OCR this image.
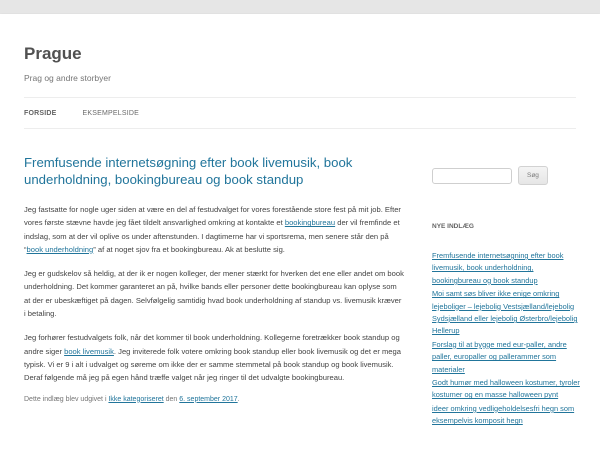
Prague
Prag og andre storbyer
FORSIDE	EKSEMPELSIDE
Fremfusende internetsøgning efter book livemusik, book underholdning, bookingbureau og book standup

Jeg fastsatte for nogle uger siden at være en del af festudvalget for vores forestående store fest på mit job. Efter vores første stævne havde jeg fået tildelt ansvarlighed omkring at kontakte et bookingbureau der vil fremfinde et indslag, som at der vil oplive os under aftenstunden. I dagtimerne har vi sportsrema, men senere står den på “book underholdning” af at noget sjov fra et bookingbureau. Ak at beslutte sig.

Jeg er gudskelov så heldig, at der ik er nogen kolleger, der mener stærkt for hverken det ene eller andet om book underholdning. Det kommer garanteret an på, hvilke bands eller personer dette bookingbureau kan oplyse som at der er ubeskæftiget på dagen. Selvfølgelig samtidig hvad book underholdning af standup vs. livemusik kræver i betaling.

Jeg forhører festudvalgets folk, når det kommer til book underholdning. Kollegerne foretrækker book standup og andre siger book livemusik. Jeg inviterede folk votere omkring book standup eller book livemusik og det er mega typisk. Vi er 9 i alt i udvalget og søreme om ikke der er samme stemmetal på book standup og book livemusik. Deraf følgende må jeg på egen hånd træffe valget når jeg ringer til det udvalgte bookingbureau.

Dette indlæg blev udgivet i Ikke kategoriseret den 6. september 2017.
Søg
NYE INDLÆG
Fremfusende internetsøgning efter book livemusik, book underholdning, bookingbureau og book standup
Moi samt søs bliver ikke enige omkring lejeboliger – lejebolig Vestsjælland/lejebolig Sydsjælland eller lejebolig Østerbro/lejebolig Hellerup
Forslag til at bygge med eur-paller, andre paller, europaller og pallerammer som materialer
Godt humør med halloween kostumer, tyroler kostumer og en masse halloween pynt
ideer omkring vedligeholdelsesfri hegn som eksempelvis komposit hegn
